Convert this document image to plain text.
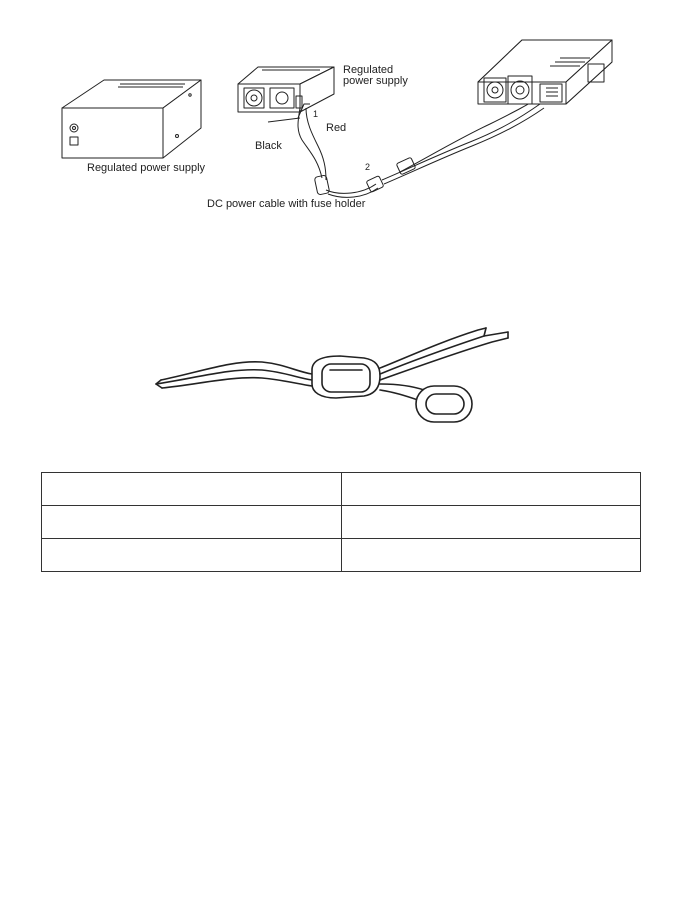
Regulated power supply
Regulated
power supply
1
Red
Black
2
DC power cable with fuse holder
